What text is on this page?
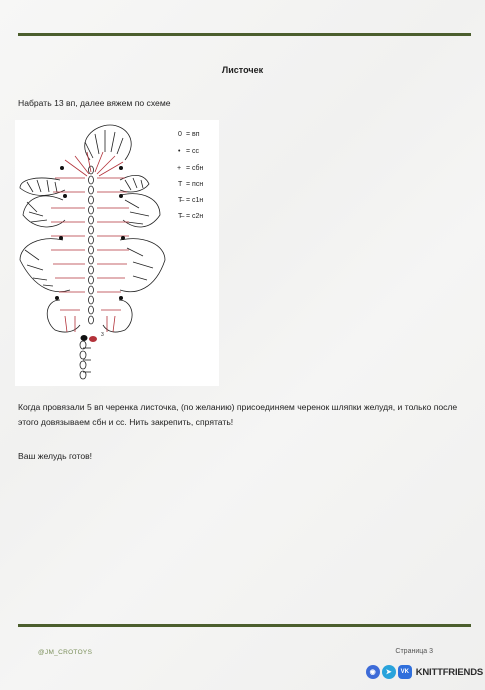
Листочек
Набрать 13 вп, далее вяжем по схеме
3
0 = вп
• = сс
+ = сбн
T = псн
T̶ = с1н
T̶̶ = с2н
Когда провязали 5 вп черенка листочка, (по желанию) присоединяем черенок шляпки желудя, и только после этого довязываем сбн и сс. Нить закрепить, спрятать!
Ваш желудь готов!
@JM_CROTOYS	Страница 3
◉	➤	VK KNITTFRIENDS
